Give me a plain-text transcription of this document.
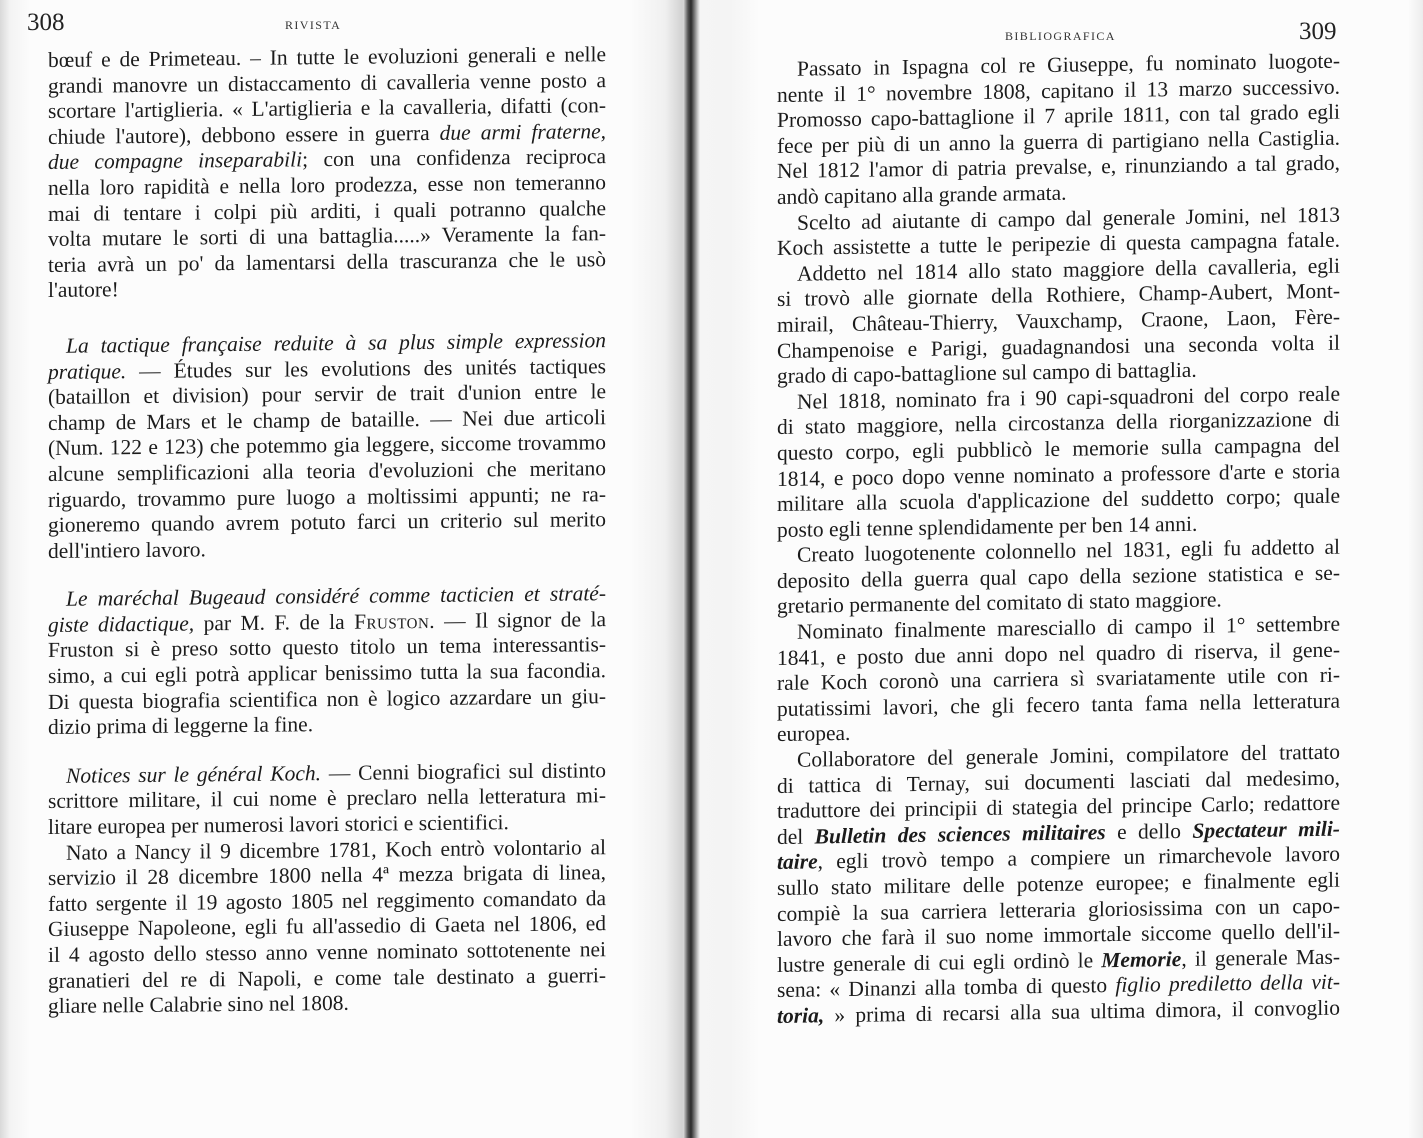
308	RIVISTA
bœuf e de Primeteau. – In tutte le evoluzioni generali e nelle
grandi manovre un distaccamento di cavalleria venne posto a
scortare l'artiglieria. « L'artiglieria e la cavalleria, difatti (con-
chiude l'autore), debbono essere in guerra due armi fraterne,
due compagne inseparabili; con una confidenza reciproca
nella loro rapidità e nella loro prodezza, esse non temeranno
mai di tentare i colpi più arditi, i quali potranno qualche
volta mutare le sorti di una battaglia.....» Veramente la fan-
teria avrà un po' da lamentarsi della trascuranza che le usò
l'autore!
La tactique française reduite à sa plus simple expression
pratique. — Études sur les evolutions des unités tactiques
(bataillon et division) pour servir de trait d'union entre le
champ de Mars et le champ de bataille. — Nei due articoli
(Num. 122 e 123) che potemmo gia leggere, siccome trovammo
alcune semplificazioni alla teoria d'evoluzioni che meritano
riguardo, trovammo pure luogo a moltissimi appunti; ne ra-
gioneremo quando avrem potuto farci un criterio sul merito
dell'intiero lavoro.
Le maréchal Bugeaud considéré comme tacticien et straté-
giste didactique, par M. F. de la Fruston. — Il signor de la
Fruston si è preso sotto questo titolo un tema interessantis-
simo, a cui egli potrà applicar benissimo tutta la sua facondia.
Di questa biografia scientifica non è logico azzardare un giu-
dizio prima di leggerne la fine.
Notices sur le général Koch. — Cenni biografici sul distinto
scrittore militare, il cui nome è preclaro nella letteratura mi-
litare europea per numerosi lavori storici e scientifici.
Nato a Nancy il 9 dicembre 1781, Koch entrò volontario al
servizio il 28 dicembre 1800 nella 4ª mezza brigata di linea,
fatto sergente il 19 agosto 1805 nel reggimento comandato da
Giuseppe Napoleone, egli fu all'assedio di Gaeta nel 1806, ed
il 4 agosto dello stesso anno venne nominato sottotenente nei
granatieri del re di Napoli, e come tale destinato a guerri-
gliare nelle Calabrie sino nel 1808.
BIBLIOGRAFICA	309
Passato in Ispagna col re Giuseppe, fu nominato luogote-
nente il 1° novembre 1808, capitano il 13 marzo successivo.
Promosso capo-battaglione il 7 aprile 1811, con tal grado egli
fece per più di un anno la guerra di partigiano nella Castiglia.
Nel 1812 l'amor di patria prevalse, e, rinunziando a tal grado,
andò capitano alla grande armata.
Scelto ad aiutante di campo dal generale Jomini, nel 1813
Koch assistette a tutte le peripezie di questa campagna fatale.
Addetto nel 1814 allo stato maggiore della cavalleria, egli
si trovò alle giornate della Rothiere, Champ-Aubert, Mont-
mirail, Château-Thierry, Vauxchamp, Craone, Laon, Fère-
Champenoise e Parigi, guadagnandosi una seconda volta il
grado di capo-battaglione sul campo di battaglia.
Nel 1818, nominato fra i 90 capi-squadroni del corpo reale
di stato maggiore, nella circostanza della riorganizzazione di
questo corpo, egli pubblicò le memorie sulla campagna del
1814, e poco dopo venne nominato a professore d'arte e storia
militare alla scuola d'applicazione del suddetto corpo; quale
posto egli tenne splendidamente per ben 14 anni.
Creato luogotenente colonnello nel 1831, egli fu addetto al
deposito della guerra qual capo della sezione statistica e se-
gretario permanente del comitato di stato maggiore.
Nominato finalmente maresciallo di campo il 1° settembre
1841, e posto due anni dopo nel quadro di riserva, il gene-
rale Koch coronò una carriera sì svariatamente utile con ri-
putatissimi lavori, che gli fecero tanta fama nella letteratura
europea.
Collaboratore del generale Jomini, compilatore del trattato
di tattica di Ternay, sui documenti lasciati dal medesimo,
traduttore dei principii di stategia del principe Carlo; redattore
del Bulletin des sciences militaires e dello Spectateur mili-
taire, egli trovò tempo a compiere un rimarchevole lavoro
sullo stato militare delle potenze europee; e finalmente egli
compiè la sua carriera letteraria gloriosissima con un capo-
lavoro che farà il suo nome immortale siccome quello dell'il-
lustre generale di cui egli ordinò le Memorie, il generale Mas-
sena: « Dinanzi alla tomba di questo figlio prediletto della vit-
toria, » prima di recarsi alla sua ultima dimora, il convoglio
